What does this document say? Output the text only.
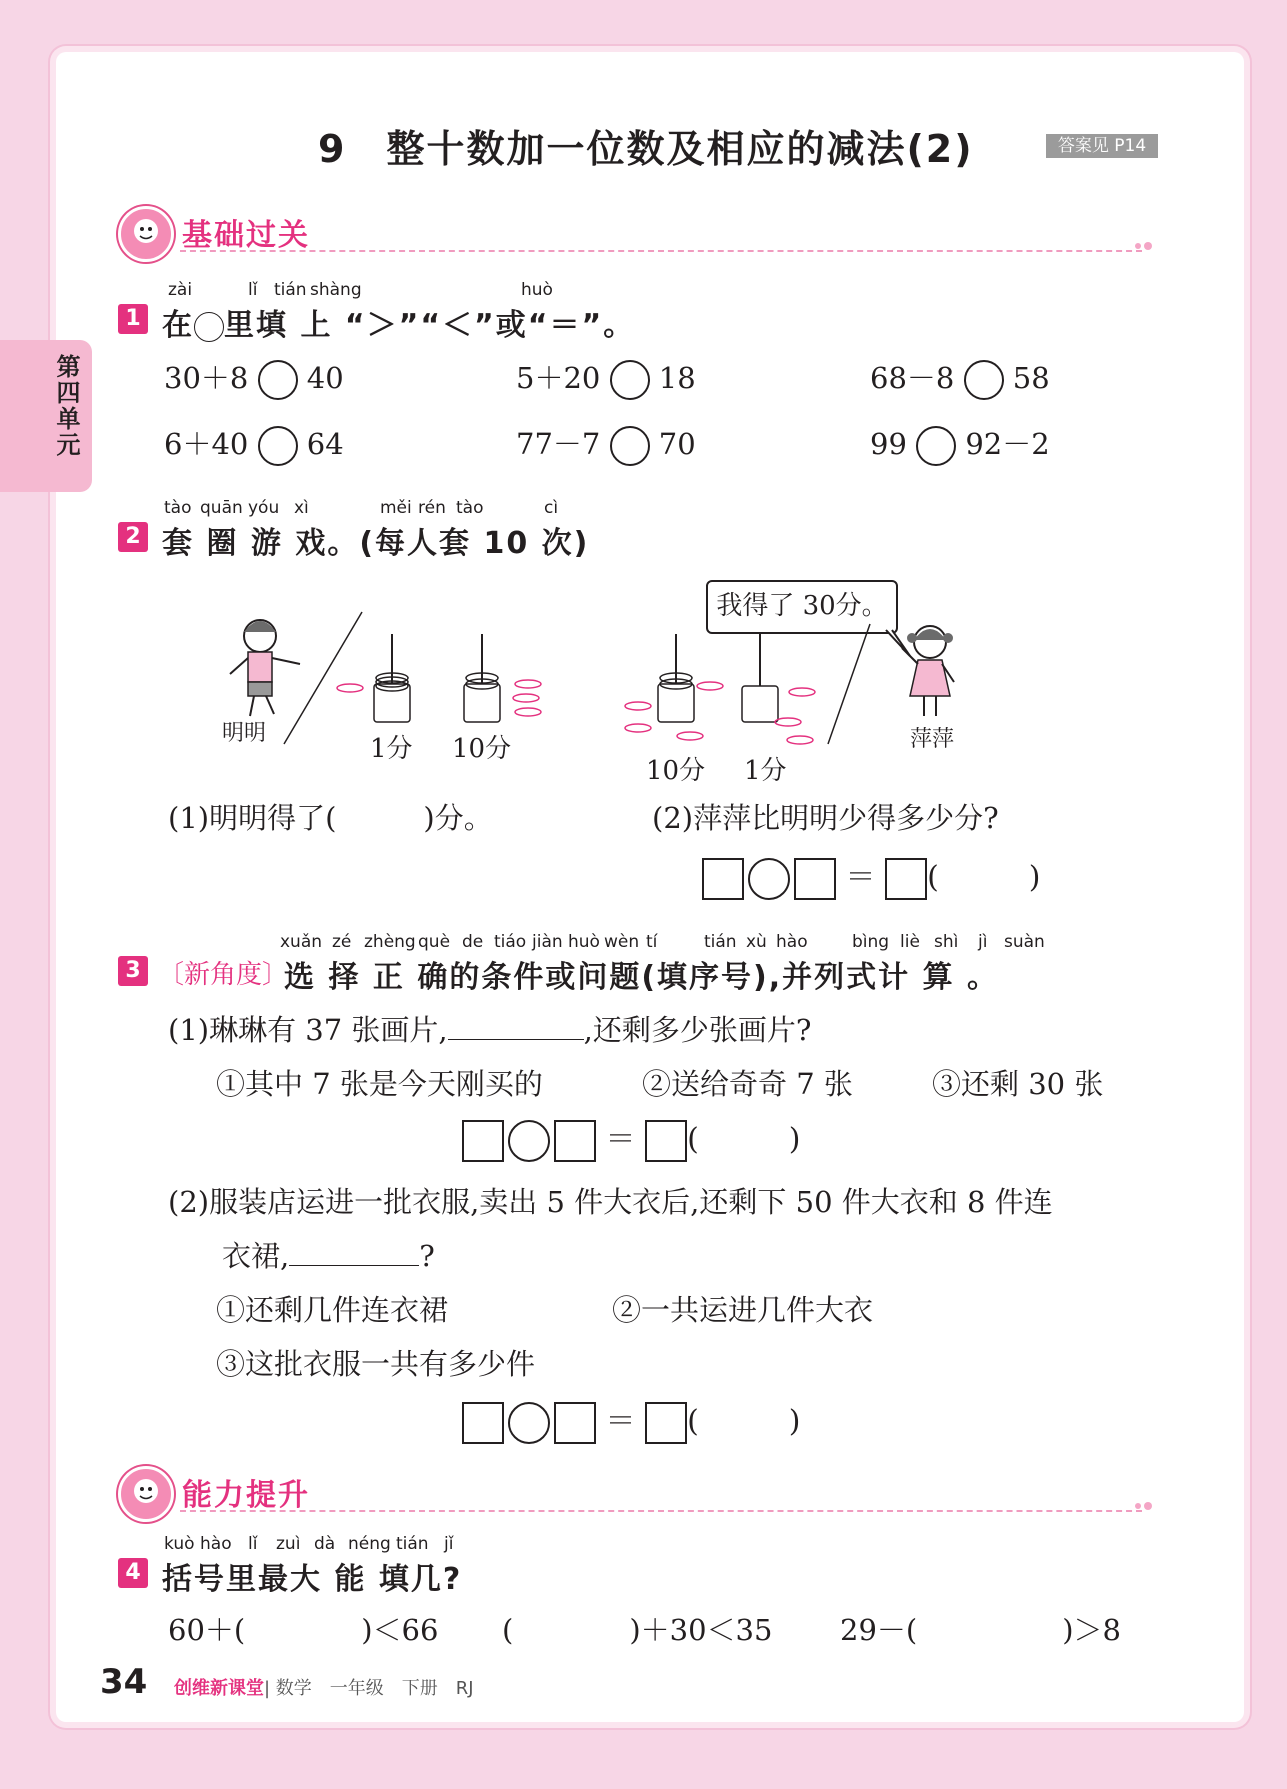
第四单元
9　整十数加一位数及相应的减法(2)	答案见 P14
基础过关
zài	lǐ tián shàng	huò
1 在 里填 上 “＞”“＜”或“＝”。
30＋8 40	5＋20 18	68－8 58
6＋40 64	77－7 70	99 92－2
tào quān yóu xì	měi rén tào	cì
2 套 圈 游 戏。(每人套 10 次)
我得了 30分。
明明	萍萍
1分 10分
10分 1分
(1)明明得了(　　　)分。	(2)萍萍比明明少得多少分?
＝ (　　　)
xuǎn zé zhèng què de tiáo jiàn huò wèn tí	tián xù hào	bìng liè shì jì suàn
3 〔新角度〕
选 择 正 确的条件或问题(填序号),并列式计 算 。
(1)琳琳有 37 张画片,	,还剩多少张画片?
①其中 7 张是今天刚买的	②送给奇奇 7 张	③还剩 30 张
＝ (　　　)
(2)服装店运进一批衣服,卖出 5 件大衣后,还剩下 50 件大衣和 8 件连
衣裙,	?
①还剩几件连衣裙	②一共运进几件大衣
③这批衣服一共有多少件
＝ (　　　)
能力提升
kuò hào lǐ zuì dà néng tián jǐ
4 括号里最大 能 填几?
60＋(　　　　)＜66 (　　　　)＋30＜35 29－(　　　　　)＞8
34 创维新课堂| 数学　一年级　下册　RJ
